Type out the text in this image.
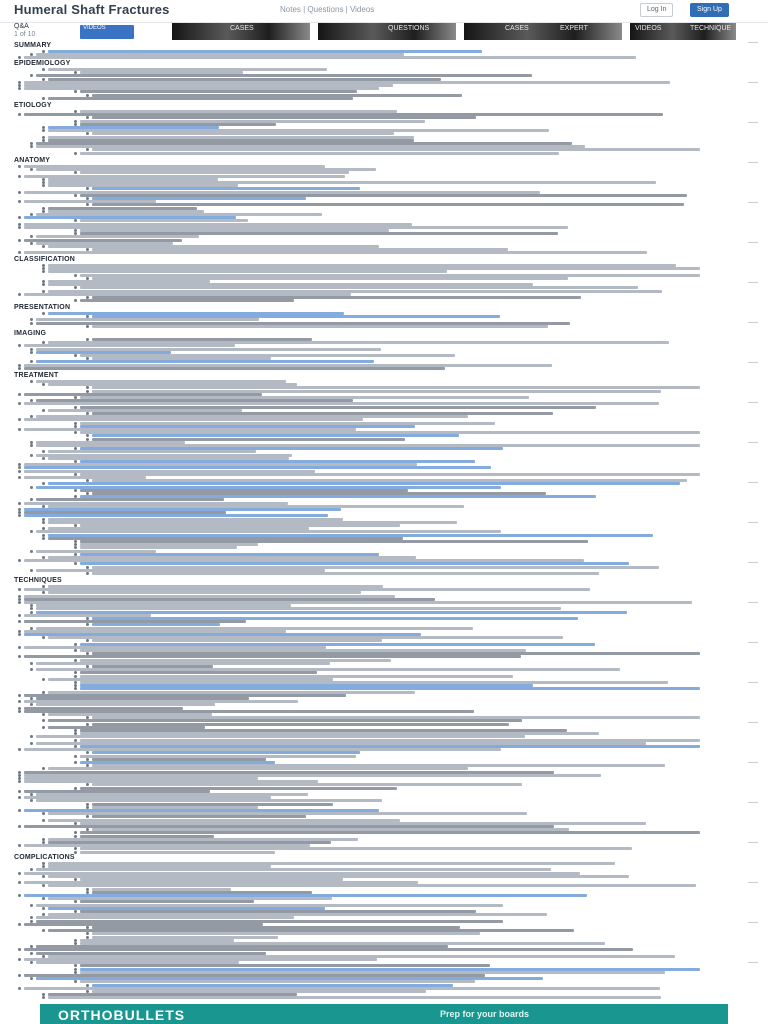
Humeral Shaft Fractures	Notes | Questions | Videos	Log In	Sign Up
Q&A
1 of 10
VIDEOS	CASES	QUESTIONS	CASES	EXPERT	VIDEOS	TECHNIQUE
SUMMARY
EPIDEMIOLOGY
ETIOLOGY
ANATOMY
CLASSIFICATION
PRESENTATION
IMAGING
TREATMENT
TECHNIQUES
COMPLICATIONS
ORTHOBULLETS	Prep for your boards
